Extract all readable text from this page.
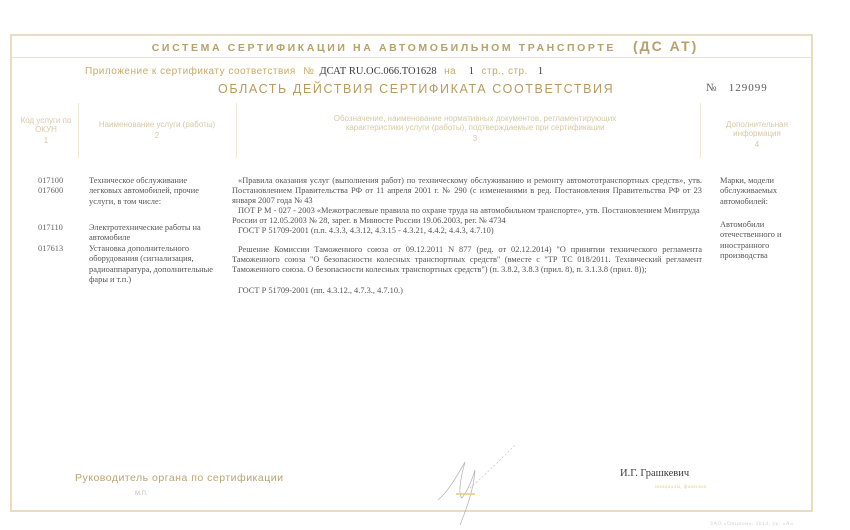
СИСТЕМА СЕРТИФИКАЦИИ НА АВТОМОБИЛЬНОМ ТРАНСПОРТЕ (ДС АТ)
Приложение к сертификату соответствия № ДСАТ RU.ОС.066.ТО1628 на 1 стр., стр. 1
ОБЛАСТЬ ДЕЙСТВИЯ СЕРТИФИКАТА СООТВЕТСТВИЯ	№ 129099
Код услуги по ОКУН
1
Наименование услуги (работы)
2
Обозначение, наименование нормативных документов, регламентирующих характеристики услуги (работы), подтверждаемые при сертификации
3
Дополнительная информация
4
017100
017600
017110
017613
Техническое обслуживание легковых автомобилей, прочие услуги, в том числе:
Электротехнические работы на автомобиле
Установка дополнительного оборудования (сигнализация, радиоаппаратура, дополнительные фары и т.п.)
«Правила оказания услуг (выполнения работ) по техническому обслуживанию и ремонту автомототранспортных средств», утв. Постановлением Правительства РФ от 11 апреля 2001 г. № 290 (с изменениями в ред. Постановления Правительства РФ от 23 января 2007 года № 43
ПОТ Р М - 027 - 2003 «Межотраслевые правила по охране труда на автомобильном транспорте», утв. Постановлением Минтруда России от 12.05.2003 № 28, зарег. в Минюсте России 19.06.2003, рег. № 4734
ГОСТ Р 51709-2001 (п.п. 4.3.3, 4.3.12, 4.3.15 - 4.3.21, 4.4.2, 4.4.3, 4.7.10)
Решение Комиссии Таможенного союза от 09.12.2011 N 877 (ред. от 02.12.2014) "О принятии технического регламента Таможенного союза "О безопасности колесных транспортных средств" (вместе с "ТР ТС 018/2011. Технический регламент Таможенного союза. О безопасности колесных транспортных средств") (п. 3.8.2, 3.8.3 (прил. 8), п. 3.1.3.8 (прил. 8));
ГОСТ Р 51709-2001 (пп. 4.3.12., 4.7.3., 4.7.10.)
Марки, модели обслуживаемых автомобилей:
Автомобили отечественного и иностранного производства
Руководитель органа по сертификации
М.П.
И.Г. Грашкевич
инициалы, фамилия
ЗАО «Опцион», 2014, ур. «А»
